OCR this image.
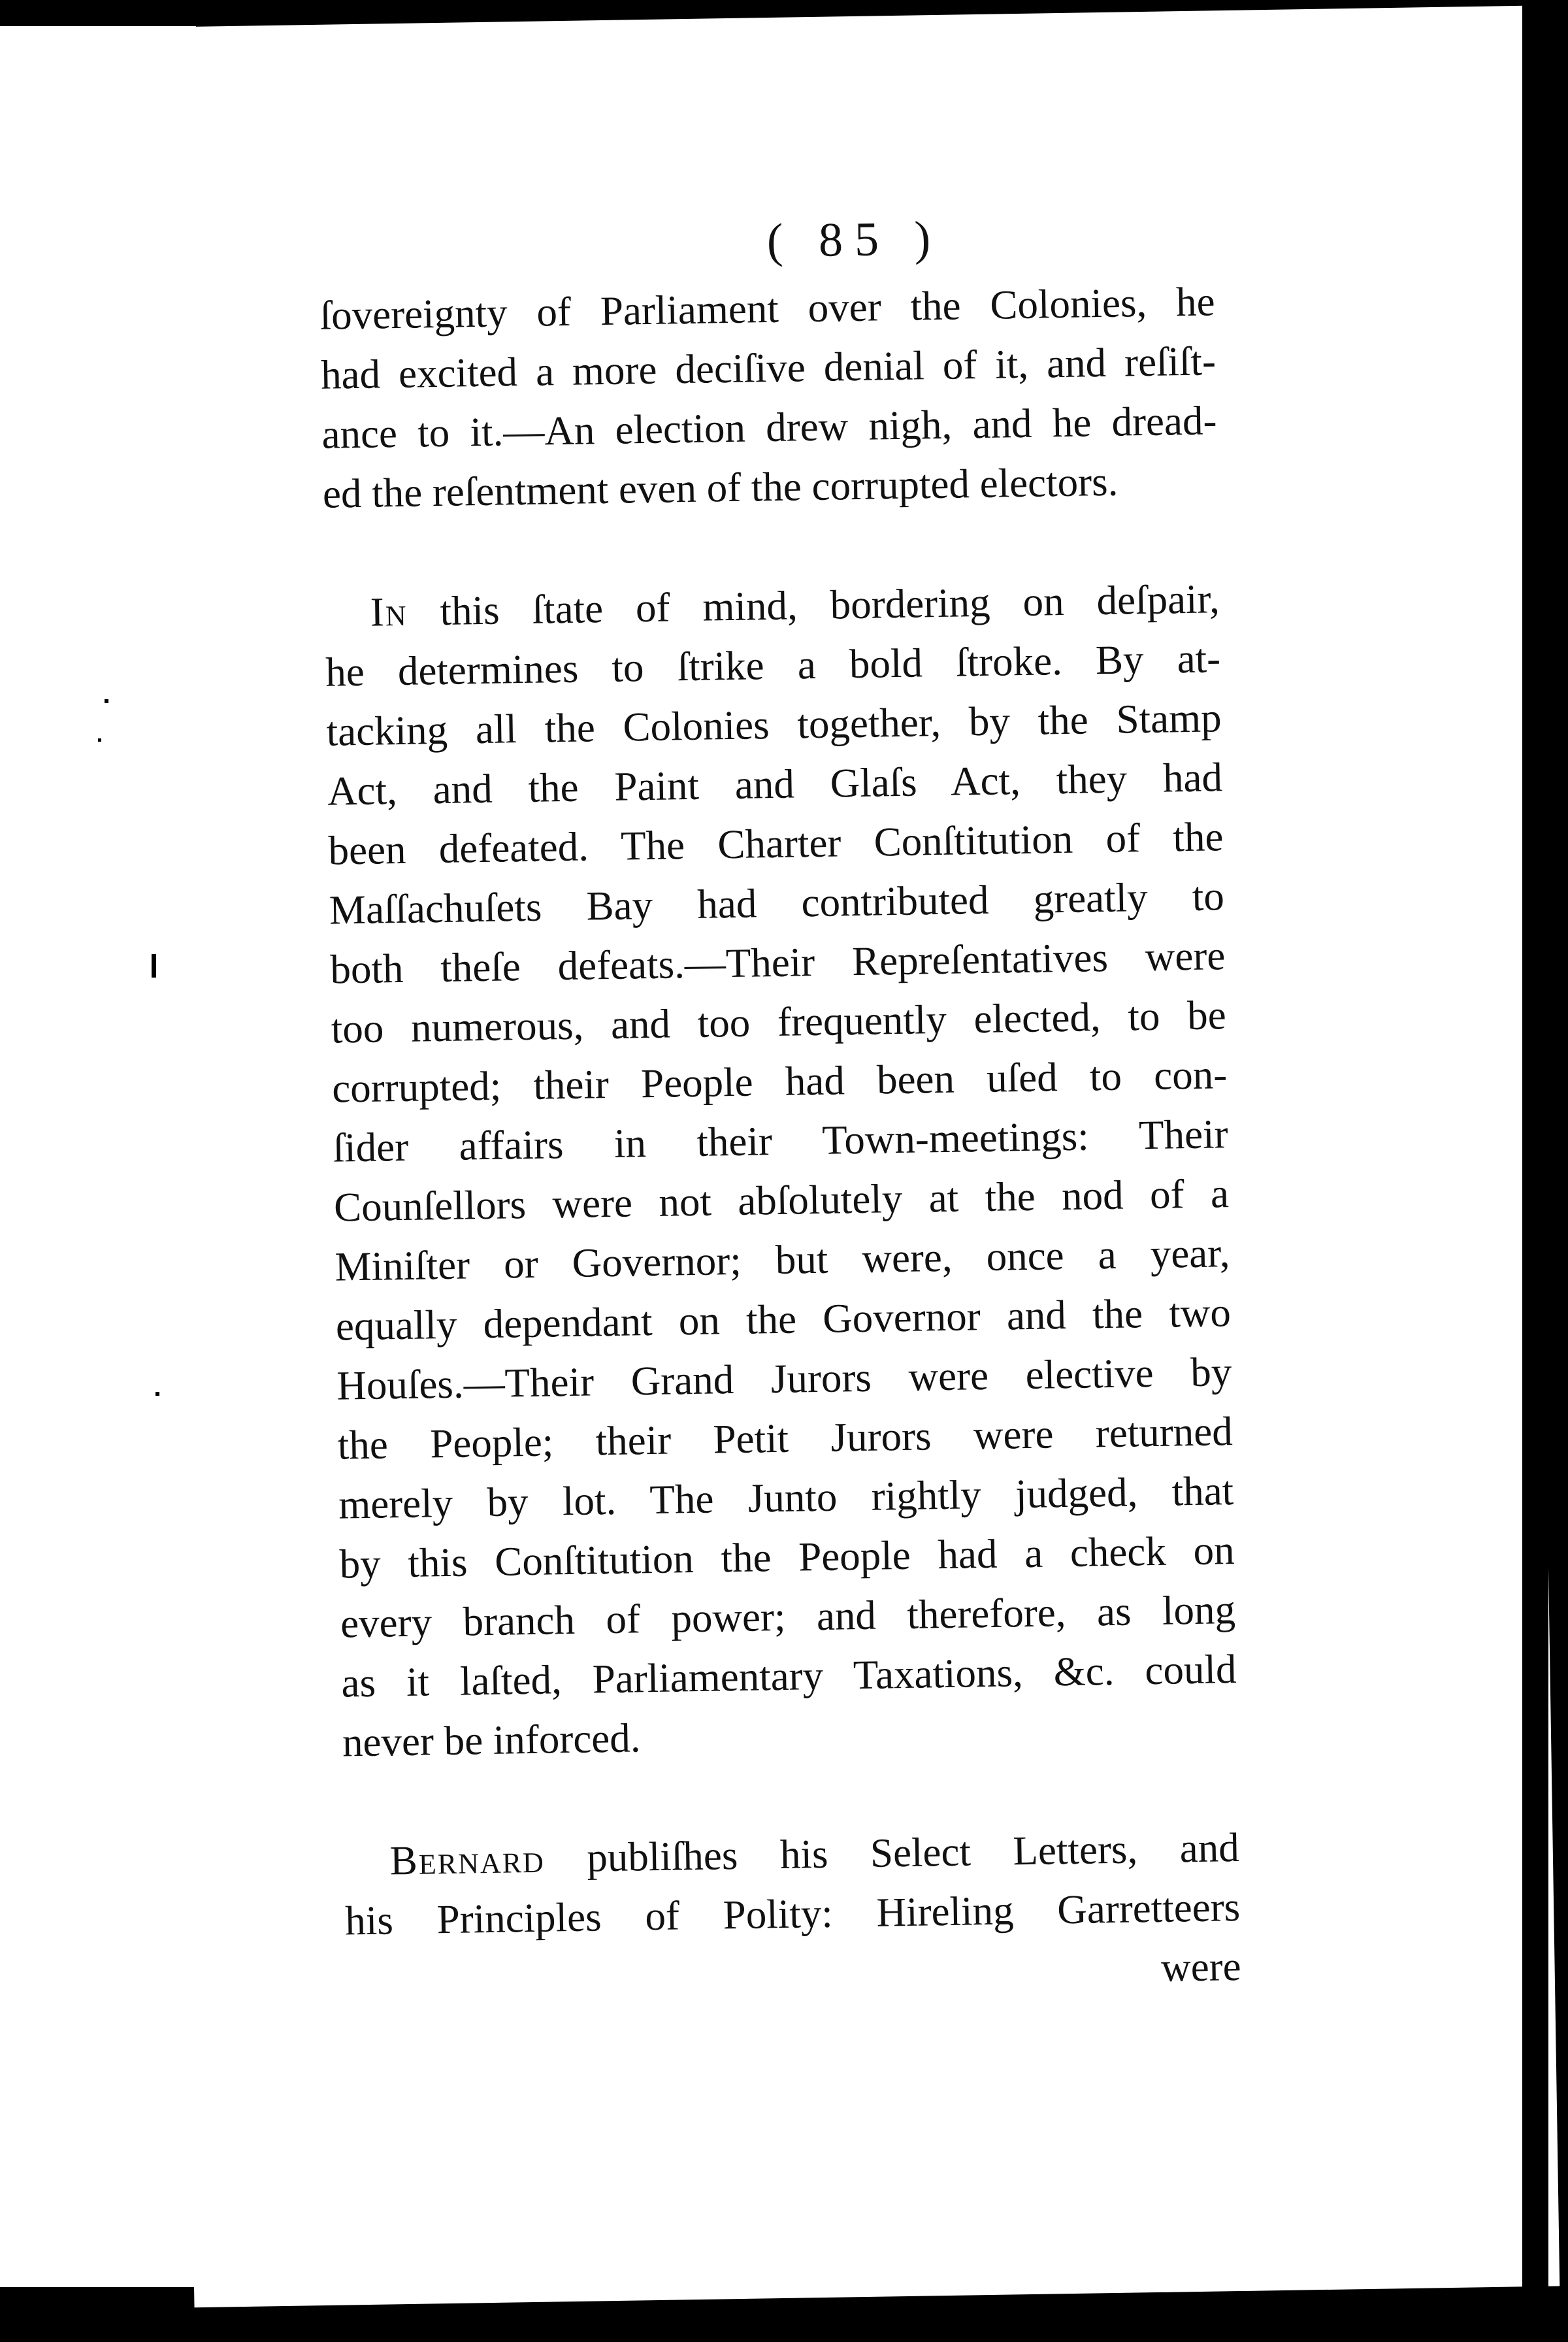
( 85 )
ſovereignty of Parliament over the Colonies, he
had excited a more deciſive denial of it, and reſiſt-
ance to it.—An election drew nigh, and he dread-
ed the reſentment even of the corrupted electors.
In this ſtate of mind, bordering on deſpair,
he determines to ſtrike a bold ſtroke. By at-
tacking all the Colonies together, by the Stamp
Act, and the Paint and Glaſs Act, they had
been defeated. The Charter Conſtitution of the
Maſſachuſets Bay had contributed greatly to
both theſe defeats.—Their Repreſentatives were
too numerous, and too frequently elected, to be
corrupted; their People had been uſed to con-
ſider affairs in their Town-meetings: Their
Counſellors were not abſolutely at the nod of a
Miniſter or Governor; but were, once a year,
equally dependant on the Governor and the two
Houſes.—Their Grand Jurors were elective by
the People; their Petit Jurors were returned
merely by lot. The Junto rightly judged, that
by this Conſtitution the People had a check on
every branch of power; and therefore, as long
as it laſted, Parliamentary Taxations, &c. could
never be inforced.
Bernard publiſhes his Select Letters, and
his Principles of Polity: Hireling Garretteers
were
